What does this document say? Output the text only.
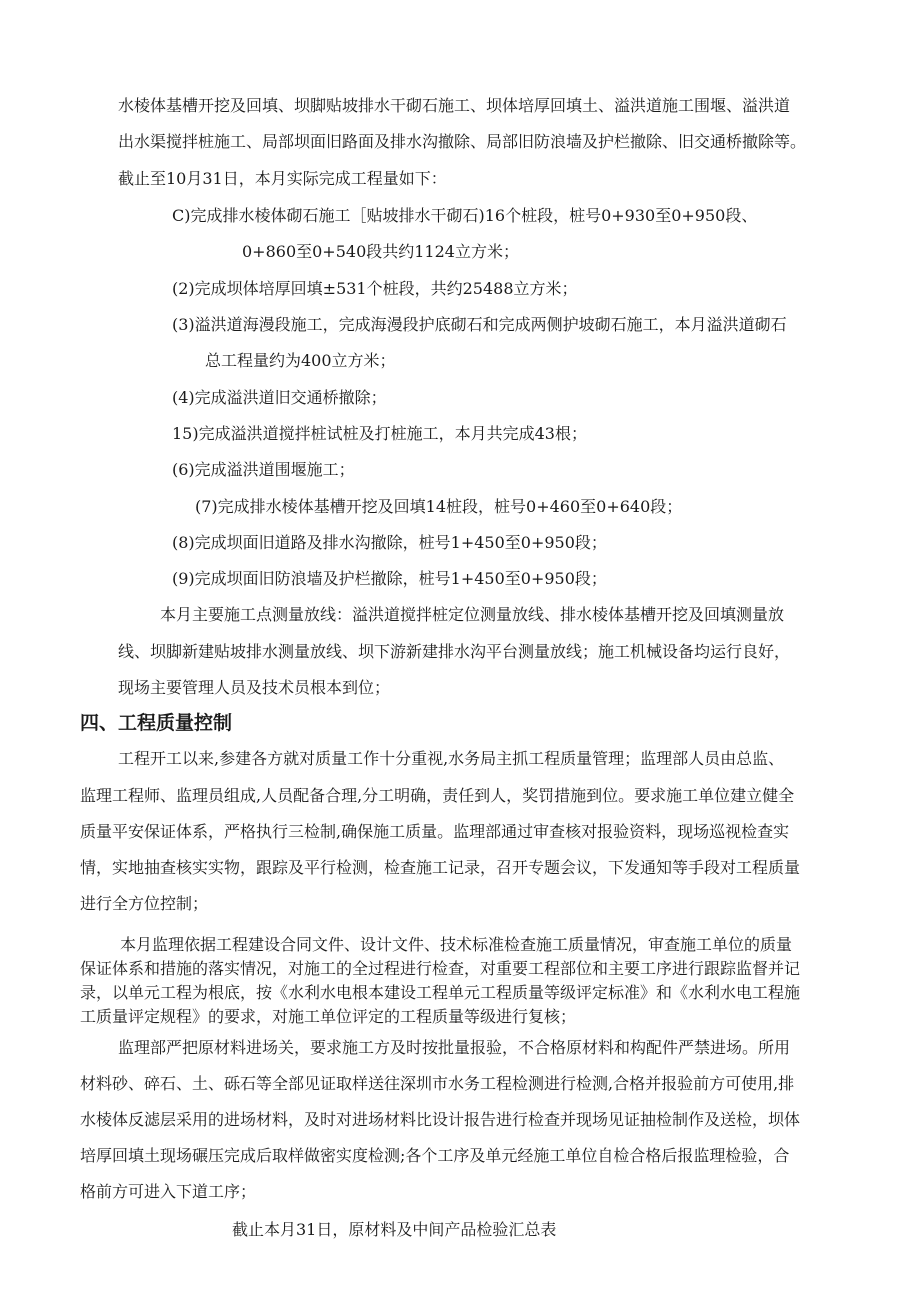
水棱体基槽开挖及回填、坝脚贴坡排水干砌石施工、坝体培厚回填土、溢洪道施工围堰、溢洪道
出水渠搅拌桩施工、局部坝面旧路面及排水沟撤除、局部旧防浪墙及护栏撤除、旧交通桥撤除等。
截止至10月31日，本月实际完成工程量如下：
C)完成排水棱体砌石施工［贴坡排水干砌石)16个桩段，桩号0+930至0+950段、
0+860至0+540段共约1124立方米；
(2)完成坝体培厚回填±531个桩段，共约25488立方米；
(3)溢洪道海漫段施工，完成海漫段护底砌石和完成两侧护坡砌石施工，本月溢洪道砌石
总工程量约为400立方米；
(4)完成溢洪道旧交通桥撤除；
15)完成溢洪道搅拌桩试桩及打桩施工，本月共完成43根；
(6)完成溢洪道围堰施工；
(7)完成排水棱体基槽开挖及回填14桩段，桩号0+460至0+640段；
(8)完成坝面旧道路及排水沟撤除，桩号1+450至0+950段；
(9)完成坝面旧防浪墙及护栏撤除，桩号1+450至0+950段；
本月主要施工点测量放线：溢洪道搅拌桩定位测量放线、排水棱体基槽开挖及回填测量放
线、坝脚新建贴坡排水测量放线、坝下游新建排水沟平台测量放线；施工机械设备均运行良好，
现场主要管理人员及技术员根本到位；
四、工程质量控制
工程开工以来,参建各方就对质量工作十分重视,水务局主抓工程质量管理；监理部人员由总监、
监理工程师、监理员组成,人员配备合理,分工明确，责任到人，奖罚措施到位。要求施工单位建立健全
质量平安保证体系，严格执行三检制,确保施工质量。监理部通过审查核对报验资料，现场巡视检查实
情，实地抽查核实实物，跟踪及平行检测，检查施工记录，召开专题会议，下发通知等手段对工程质量
进行全方位控制；
本月监理依据工程建设合同文件、设计文件、技术标准检查施工质量情况，审查施工单位的质量
保证体系和措施的落实情况，对施工的全过程进行检查，对重要工程部位和主要工序进行跟踪监督并记
录，以单元工程为根底，按《水利水电根本建设工程单元工程质量等级评定标准》和《水利水电工程施
工质量评定规程》的要求，对施工单位评定的工程质量等级进行复核；
监理部严把原材料进场关，要求施工方及时按批量报验，不合格原材料和构配件严禁进场。所用
材料砂、碎石、土、砾石等全部见证取样送往深圳市水务工程检测进行检测,合格并报验前方可使用,排
水棱体反滤层采用的进场材料，及时对进场材料比设计报告进行检查并现场见证抽检制作及送检，坝体
培厚回填土现场碾压完成后取样做密实度检测;各个工序及单元经施工单位自检合格后报监理检验，合
格前方可进入下道工序；
截止本月31日，原材料及中间产品检验汇总表
